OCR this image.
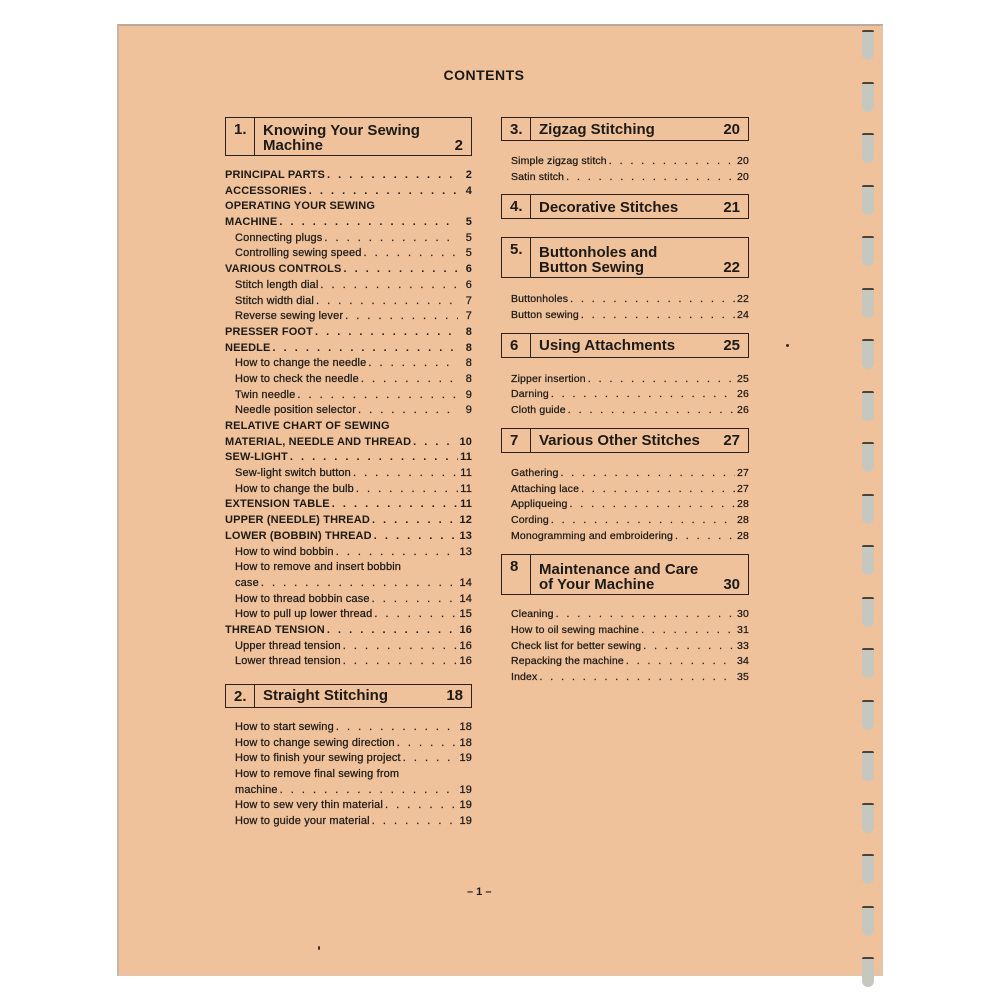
CONTENTS
1.	Knowing Your Sewing
Machine	2
PRINCIPAL PARTS . . .	2
ACCESSORIES . . .	4
OPERATING YOUR SEWING
MACHINE . . .	5
Connecting plugs . . .	5
Controlling sewing speed . . .	5
VARIOUS CONTROLS . . .	6
Stitch length dial . . .	6
Stitch width dial . . .	7
Reverse sewing lever . . .	7
PRESSER FOOT . . .	8
NEEDLE . . .	8
How to change the needle . . .	8
How to check the needle . . .	8
Twin needle . . .	9
Needle position selector . . .	9
RELATIVE CHART OF SEWING
MATERIAL, NEEDLE AND THREAD . . .	10
SEW-LIGHT . . .	11
Sew-light switch button . . .	11
How to change the bulb . . .	11
EXTENSION TABLE . . .	11
UPPER (NEEDLE) THREAD . . .	12
LOWER (BOBBIN) THREAD . . .	13
How to wind bobbin . . .	13
How to remove and insert bobbin
case . . .	14
How to thread bobbin case . . .	14
How to pull up lower thread . . .	15
THREAD TENSION . . .	16
Upper thread tension . . .	16
Lower thread tension . . .	16
2.	Straight Stitching	18
How to start sewing . . .	18
How to change sewing direction . . .	18
How to finish your sewing project . . .	19
How to remove final sewing from
machine . . .	19
How to sew very thin material . . .	19
How to guide your material . . .	19
3.	Zigzag Stitching	20
Simple zigzag stitch . . .	20
Satin stitch . . .	20
4.	Decorative Stitches	21
5.	Buttonholes and
Button Sewing	22
Buttonholes . . .	22
Button sewing . . .	24
6	Using Attachments	25
Zipper insertion . . .	25
Darning . . .	26
Cloth guide . . .	26
7	Various Other Stitches 27
Gathering . . .	27
Attaching lace . . .	27
Appliqueing . . .	28
Cording . . .	28
Monogramming and embroidering . . .	28
8	Maintenance and Care
of Your Machine	30
Cleaning . . .	30
How to oil sewing machine . . .	31
Check list for better sewing . . .	33
Repacking the machine . . .	34
Index . . .	35
– 1 –
